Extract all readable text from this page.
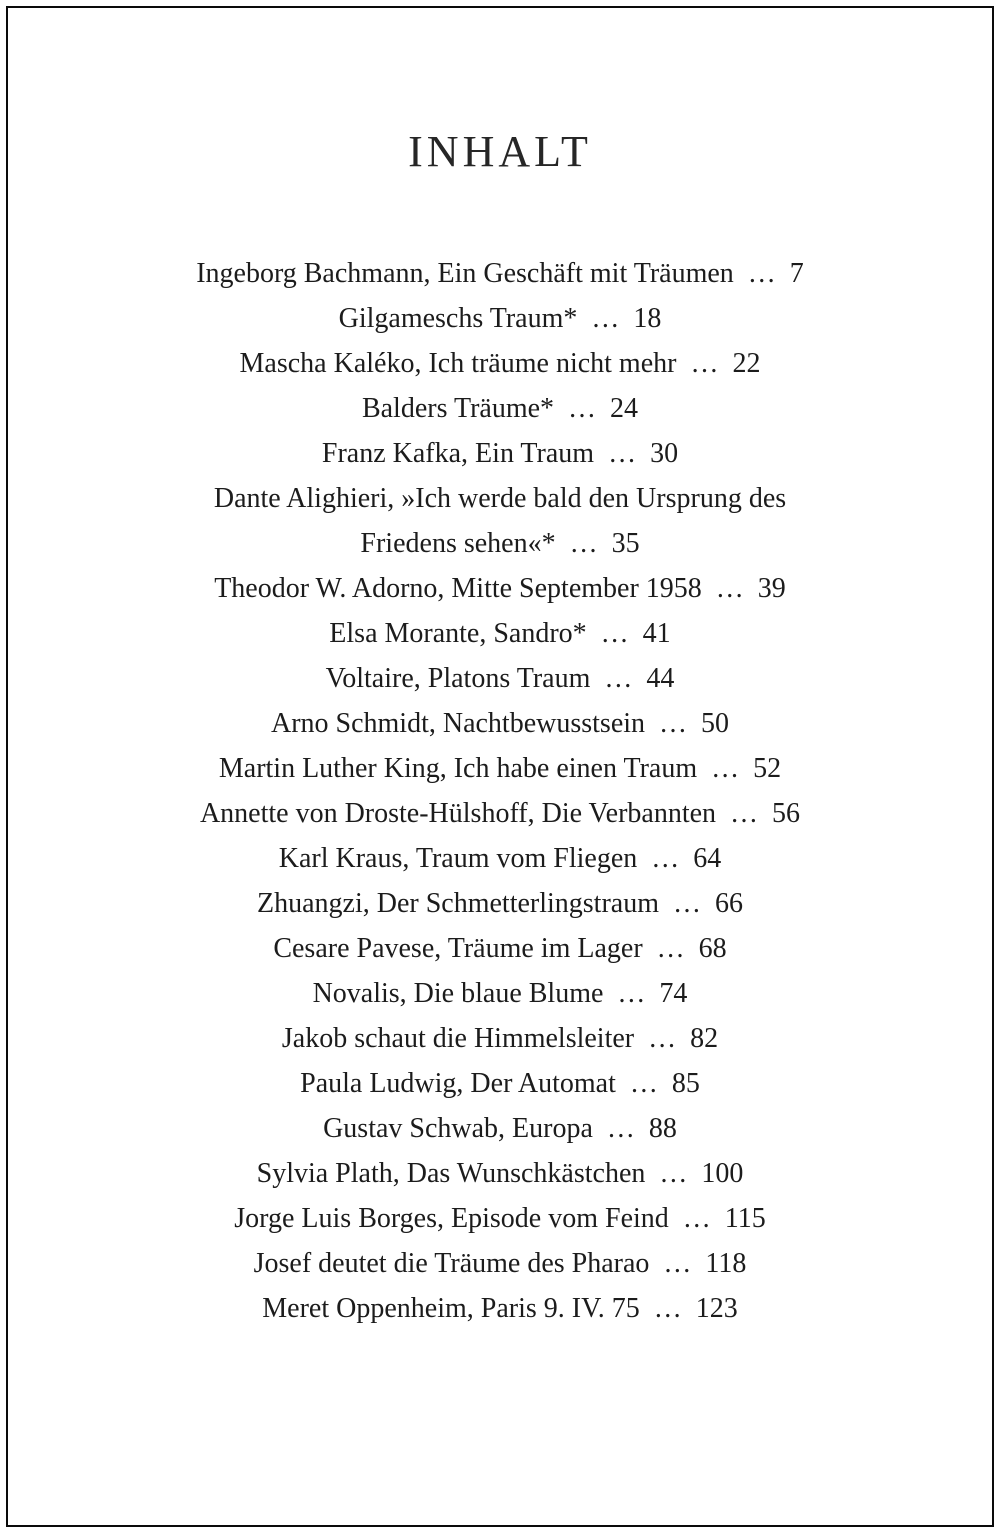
INHALT
Ingeborg Bachmann, Ein Geschäft mit Träumen … 7
Gilgameschs Traum* … 18
Mascha Kaléko, Ich träume nicht mehr … 22
Balders Träume* … 24
Franz Kafka, Ein Traum … 30
Dante Alighieri, »Ich werde bald den Ursprung des
Friedens sehen«* … 35
Theodor W. Adorno, Mitte September 1958 … 39
Elsa Morante, Sandro* … 41
Voltaire, Platons Traum … 44
Arno Schmidt, Nachtbewusstsein … 50
Martin Luther King, Ich habe einen Traum … 52
Annette von Droste-Hülshoff, Die Verbannten … 56
Karl Kraus, Traum vom Fliegen … 64
Zhuangzi, Der Schmetterlingstraum … 66
Cesare Pavese, Träume im Lager … 68
Novalis, Die blaue Blume … 74
Jakob schaut die Himmelsleiter … 82
Paula Ludwig, Der Automat … 85
Gustav Schwab, Europa … 88
Sylvia Plath, Das Wunschkästchen … 100
Jorge Luis Borges, Episode vom Feind … 115
Josef deutet die Träume des Pharao … 118
Meret Oppenheim, Paris 9. IV. 75 … 123
